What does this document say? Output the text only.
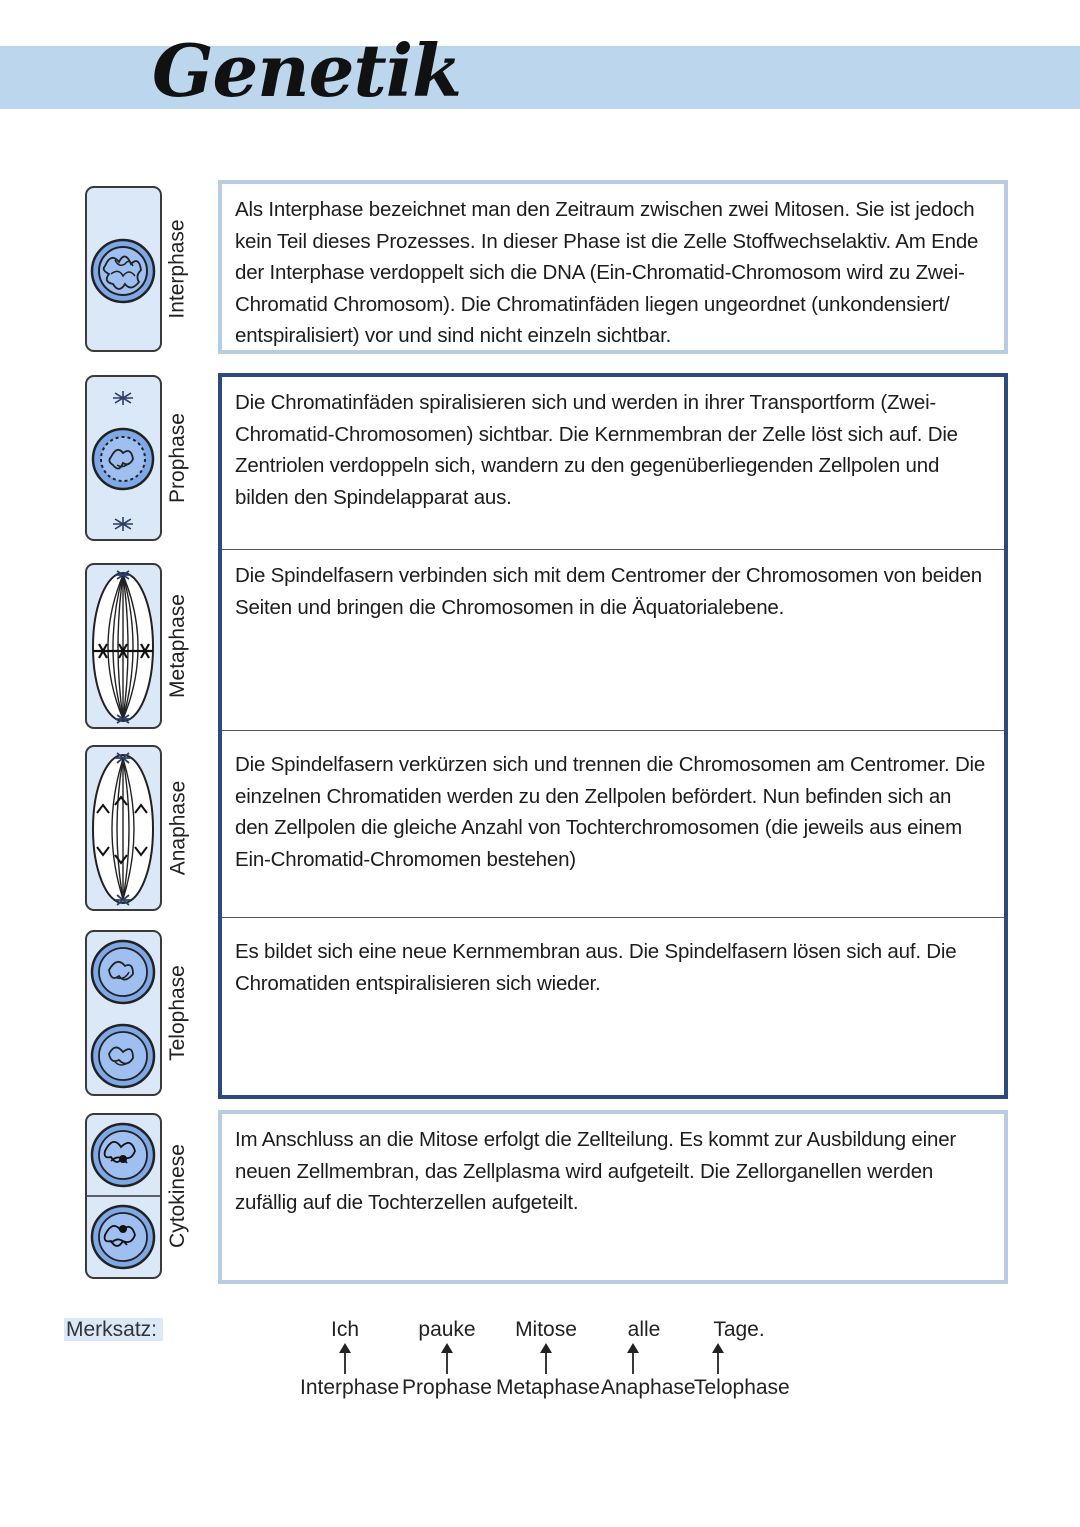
Genetik
Interphase
Prophase
Metaphase
Anaphase
Telophase
Cytokinese

Als Interphase bezeichnet man den Zeitraum zwischen zwei Mitosen. Sie ist jedoch kein Teil dieses Prozesses. In dieser Phase ist die Zelle Stoffwechselaktiv. Am Ende der Interphase verdoppelt sich die DNA (Ein-Chromatid-Chromosom wird zu Zwei-Chromatid Chromosom). Die Chromatinfäden liegen ungeordnet (unkondensiert/ entspiralisiert) vor und sind nicht einzeln sichtbar.

Die Chromatinfäden spiralisieren sich und werden in ihrer Transportform (Zwei-Chromatid-Chromosomen) sichtbar. Die Kernmembran der Zelle löst sich auf. Die Zentriolen verdoppeln sich, wandern zu den gegenüberliegenden Zellpolen und bilden den Spindelapparat aus.

Die Spindelfasern verbinden sich mit dem Centromer der Chromosomen von beiden Seiten und bringen die Chromosomen in die Äquatorialebene.

Die Spindelfasern verkürzen sich und trennen die Chromosomen am Centromer. Die einzelnen Chromatiden werden zu den Zellpolen befördert. Nun befinden sich an den Zellpolen die gleiche Anzahl von Tochterchromosomen (die jeweils aus einem Ein-Chromatid-Chromomen bestehen)

Es bildet sich eine neue Kernmembran aus. Die Spindelfasern lösen sich auf. Die Chromatiden entspiralisieren sich wieder.

Im Anschluss an die Mitose erfolgt die Zellteilung. Es kommt zur Ausbildung einer neuen Zellmembran, das Zellplasma wird aufgeteilt. Die Zellorganellen werden zufällig auf die Tochterzellen aufgeteilt.

Merksatz:	Ich
Interphase
pauke
Prophase
Mitose
Metaphase
alle
Anaphase
Tage.
Telophase
